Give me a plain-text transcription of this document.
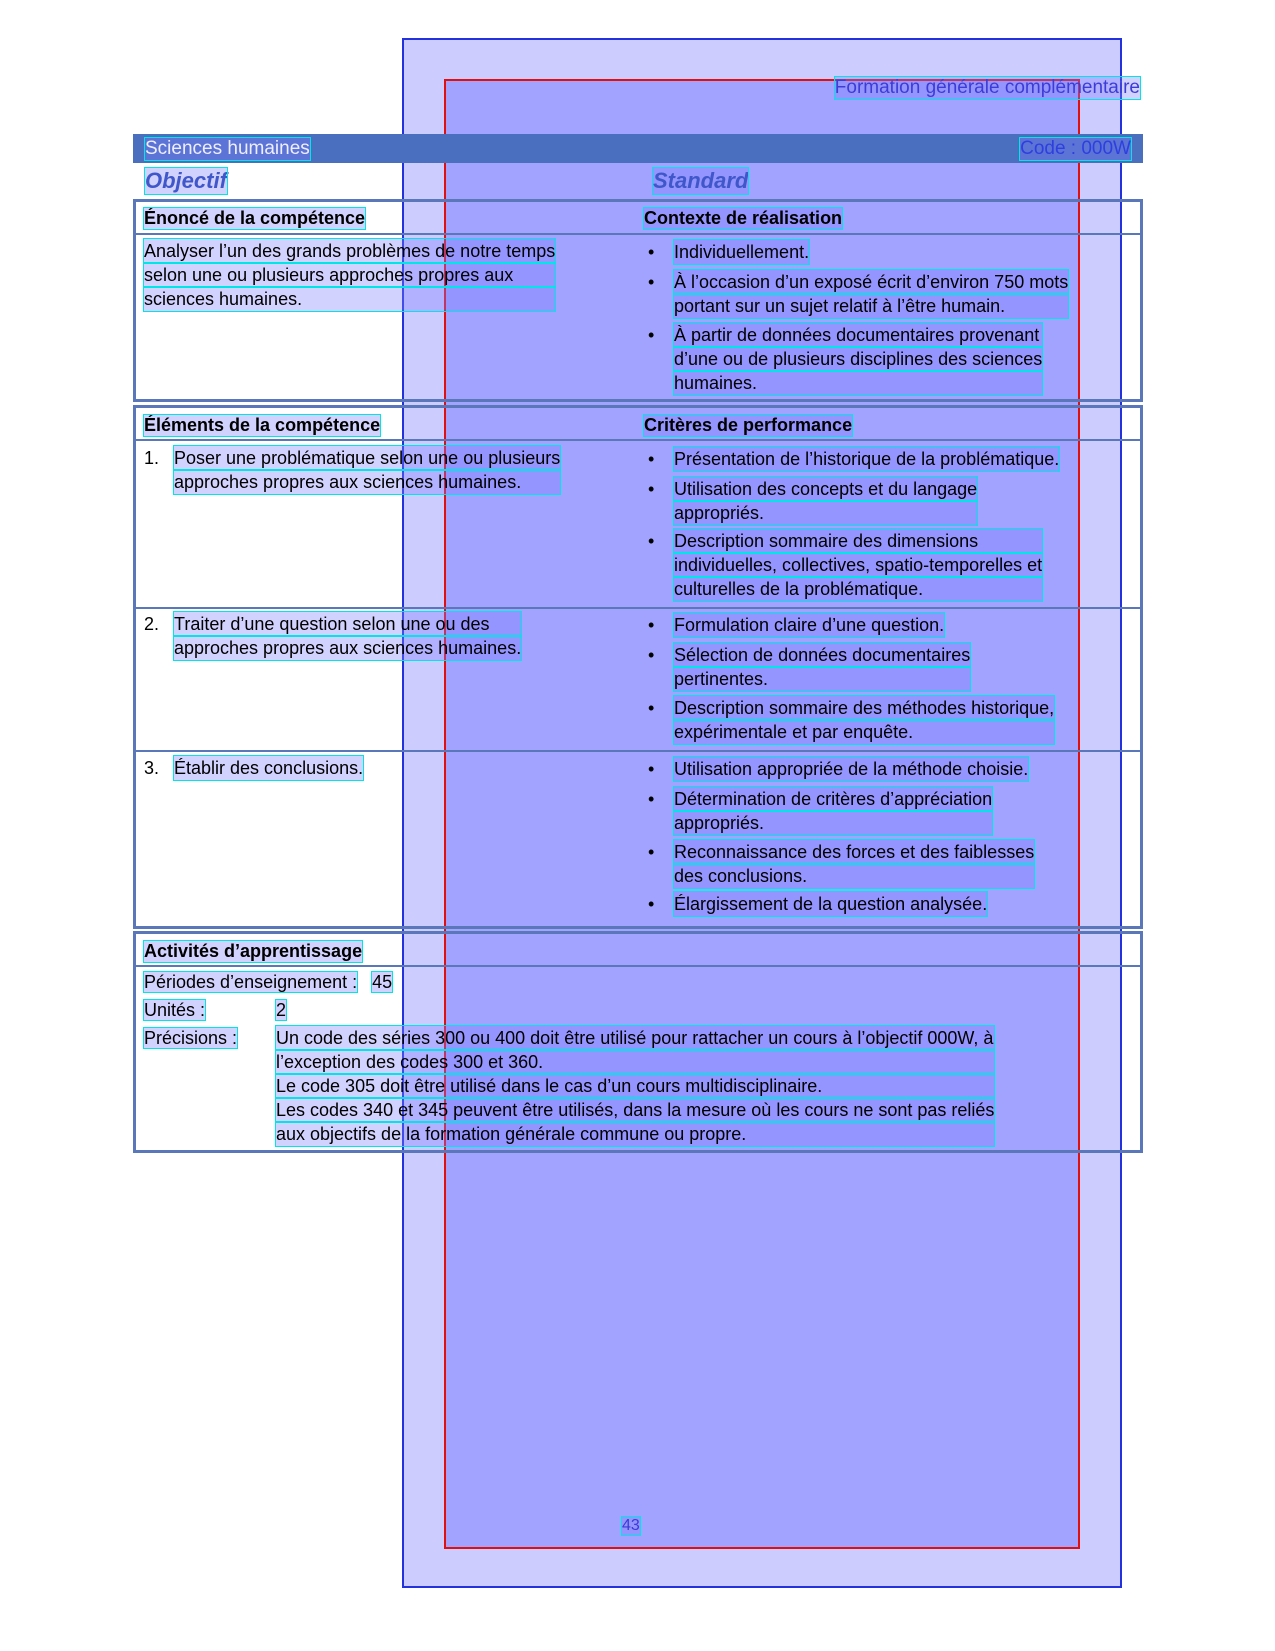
Formation générale complémentaire
Sciences humaines	Code : 000W
Objectif	Standard
Énoncé de la compétence	Contexte de réalisation
Analyser l’un des grands problèmes de notre temps
selon une ou plusieurs approches propres aux
sciences humaines.
•	Individuellement.
•	À l’occasion d’un exposé écrit d’environ 750 mots
portant sur un sujet relatif à l’être humain.
•	À partir de données documentaires provenant
d’une ou de plusieurs disciplines des sciences
humaines.
Éléments de la compétence	Critères de performance
1. Poser une problématique selon une ou plusieurs
approches propres aux sciences humaines.
•	Présentation de l’historique de la problématique.
•	Utilisation des concepts et du langage
appropriés.
•	Description sommaire des dimensions
individuelles, collectives, spatio-temporelles et
culturelles de la problématique.
2. Traiter d’une question selon une ou des
approches propres aux sciences humaines.
•	Formulation claire d’une question.
•	Sélection de données documentaires
pertinentes.
•	Description sommaire des méthodes historique,
expérimentale et par enquête.
3. Établir des conclusions.	•	Utilisation appropriée de la méthode choisie.
•	Détermination de critères d’appréciation
appropriés.
•	Reconnaissance des forces et des faiblesses
des conclusions.
•	Élargissement de la question analysée.
Activités d’apprentissage
Périodes d’enseignement : 45
Unités :	2
Précisions : Un code des séries 300 ou 400 doit être utilisé pour rattacher un cours à l’objectif 000W, à
l’exception des codes 300 et 360.
Le code 305 doit être utilisé dans le cas d’un cours multidisciplinaire.
Les codes 340 et 345 peuvent être utilisés, dans la mesure où les cours ne sont pas reliés
aux objectifs de la formation générale commune ou propre.
43
